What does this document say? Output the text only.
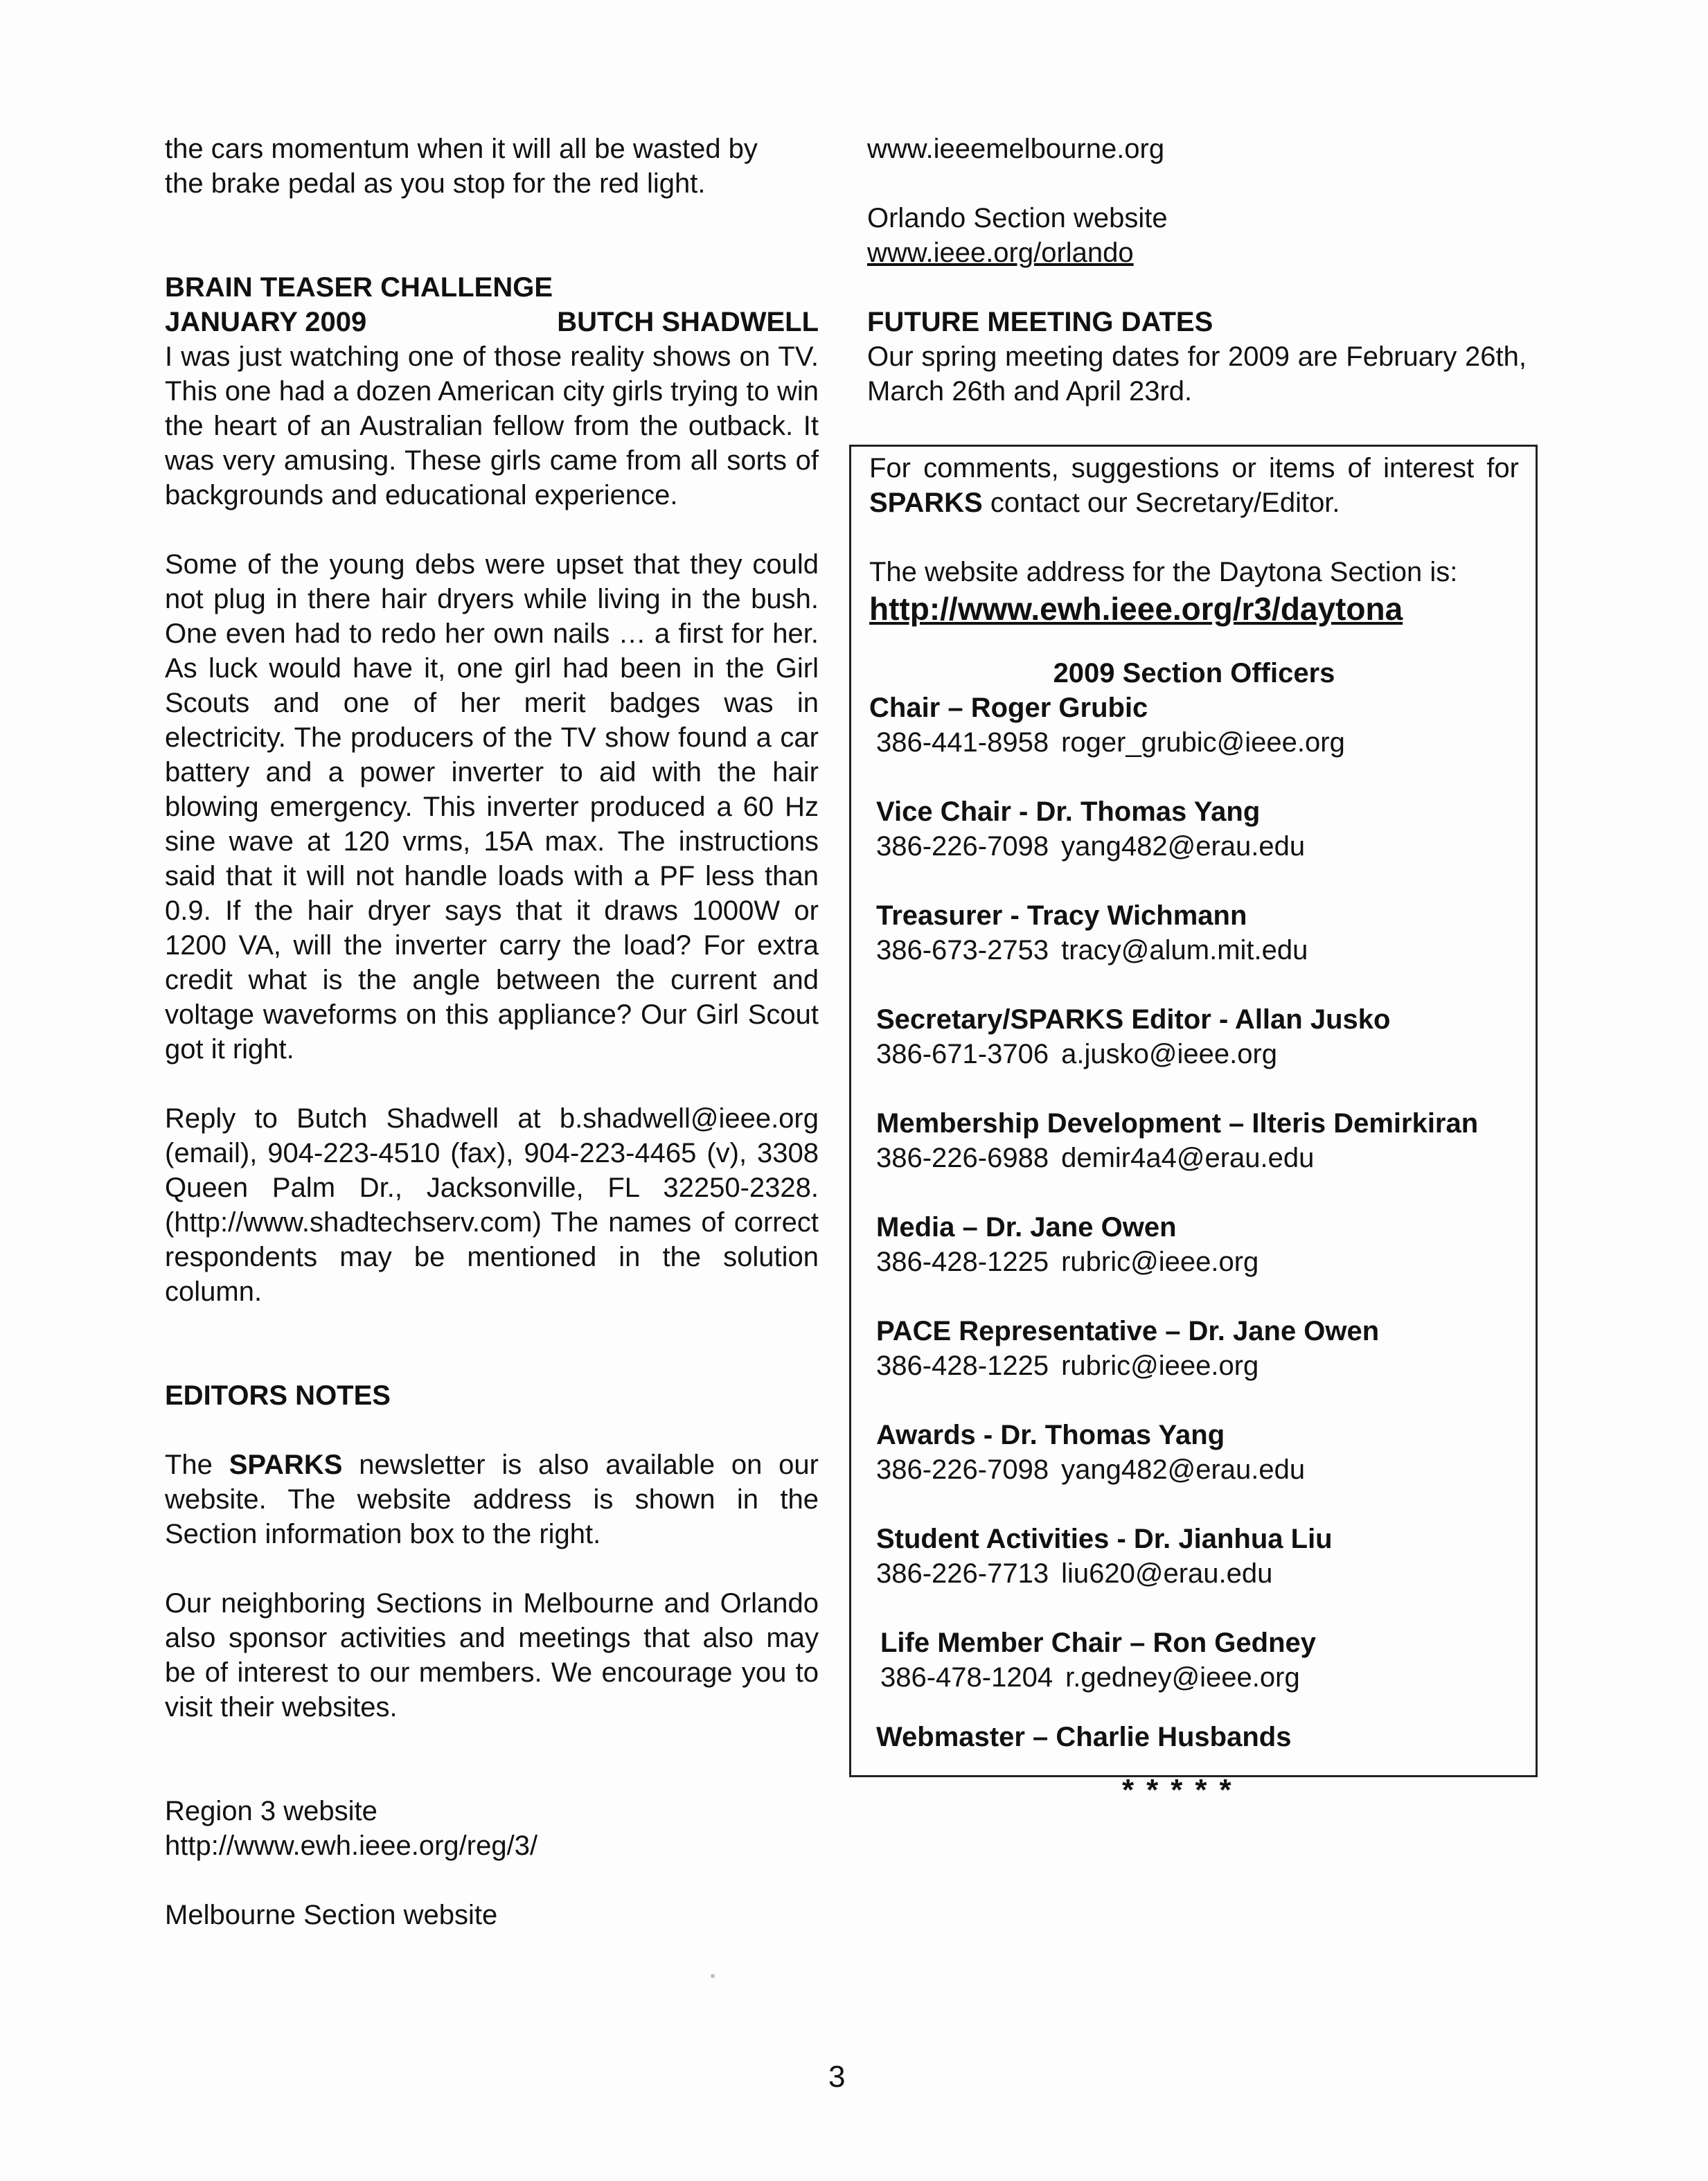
the cars momentum when it will all be wasted by

the brake pedal as you stop for the red light.

BRAIN TEASER CHALLENGE

JANUARY 2009	BUTCH SHADWELL

I was just watching one of those reality shows on TV. This one had a dozen American city girls trying to win the heart of an Australian fellow from the outback. It was very amusing. These girls came from all sorts of backgrounds and educational experience.

Some of the young debs were upset that they could not plug in there hair dryers while living in the bush. One even had to redo her own nails … a first for her. As luck would have it, one girl had been in the Girl Scouts and one of her merit badges was in electricity. The producers of the TV show found a car battery and a power inverter to aid with the hair blowing emergency. This inverter produced a 60 Hz sine wave at 120 vrms, 15A max. The instructions said that it will not handle loads with a PF less than 0.9. If the hair dryer says that it draws 1000W or 1200 VA, will the inverter carry the load? For extra credit what is the angle between the current and voltage waveforms on this appliance? Our Girl Scout got it right.

Reply to Butch Shadwell at b.shadwell@ieee.org (email), 904-223-4510 (fax), 904-223-4465 (v), 3308 Queen Palm Dr., Jacksonville, FL 32250-2328. (http://www.shadtechserv.com) The names of correct respondents may be mentioned in the solution column.

EDITORS NOTES

The SPARKS newsletter is also available on our website. The website address is shown in the Section information box to the right.

Our neighboring Sections in Melbourne and Orlando also sponsor activities and meetings that also may be of interest to our members. We encourage you to visit their websites.

Region 3 website

http://www.ewh.ieee.org/reg/3/

Melbourne Section website

www.ieeemelbourne.org

Orlando Section website

www.ieee.org/orlando

FUTURE MEETING DATES

Our spring meeting dates for 2009 are February 26th, March 26th and April 23rd.

For comments, suggestions or items of interest for SPARKS contact our Secretary/Editor.

The website address for the Daytona Section is:

http://www.ewh.ieee.org/r3/daytona

2009 Section Officers

Chair – Roger Grubic
386-441-8958 roger_grubic@ieee.org
Vice Chair - Dr. Thomas Yang
386-226-7098 yang482@erau.edu
Treasurer - Tracy Wichmann
386-673-2753 tracy@alum.mit.edu
Secretary/SPARKS Editor - Allan Jusko
386-671-3706 a.jusko@ieee.org
Membership Development – Ilteris Demirkiran
386-226-6988 demir4a4@erau.edu
Media – Dr. Jane Owen
386-428-1225 rubric@ieee.org
PACE Representative – Dr. Jane Owen
386-428-1225 rubric@ieee.org
Awards - Dr. Thomas Yang
386-226-7098 yang482@erau.edu
Student Activities - Dr. Jianhua Liu
386-226-7713 liu620@erau.edu
Life Member Chair – Ron Gedney
386-478-1204 r.gedney@ieee.org

Webmaster – Charlie Husbands

*****
3
